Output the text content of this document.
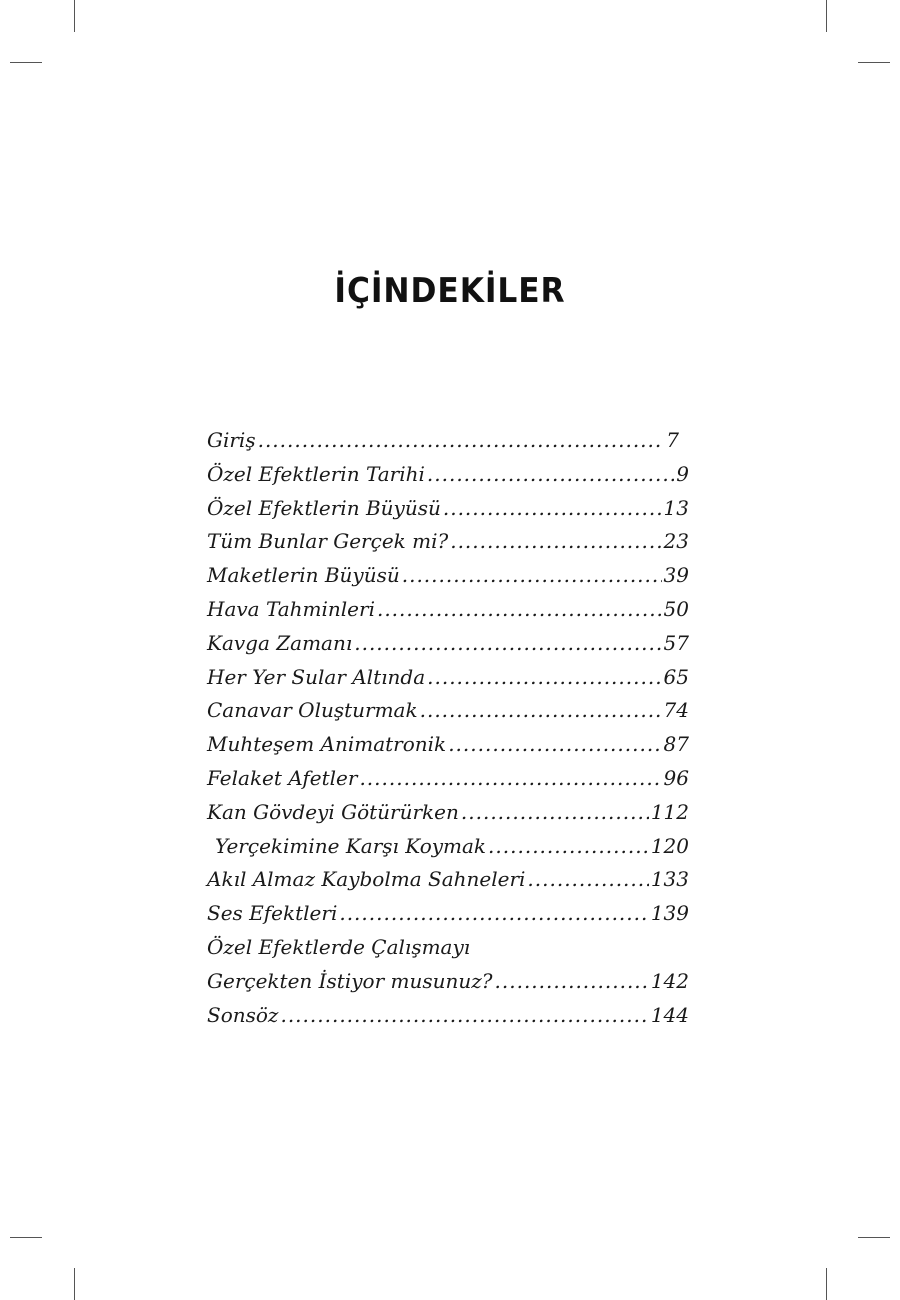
İÇİNDEKİLER
Giriş .....	7
Özel Efektlerin Tarihi .....	9
Özel Efektlerin Büyüsü .....	13
Tüm Bunlar Gerçek mi? .....	23
Maketlerin Büyüsü .....	39
Hava Tahminleri .....	50
Kavga Zamanı .....	57
Her Yer Sular Altında .....	65
Canavar Oluşturmak .....	74
Muhteşem Animatronik .....	87
Felaket Afetler .....	96
Kan Gövdeyi Götürürken .....	112
Yerçekimine Karşı Koymak .....	120
Akıl Almaz Kaybolma Sahneleri .....	133
Ses Efektleri .....	139
Özel Efektlerde Çalışmayı
Gerçekten İstiyor musunuz? .....	142
Sonsöz .....	144
